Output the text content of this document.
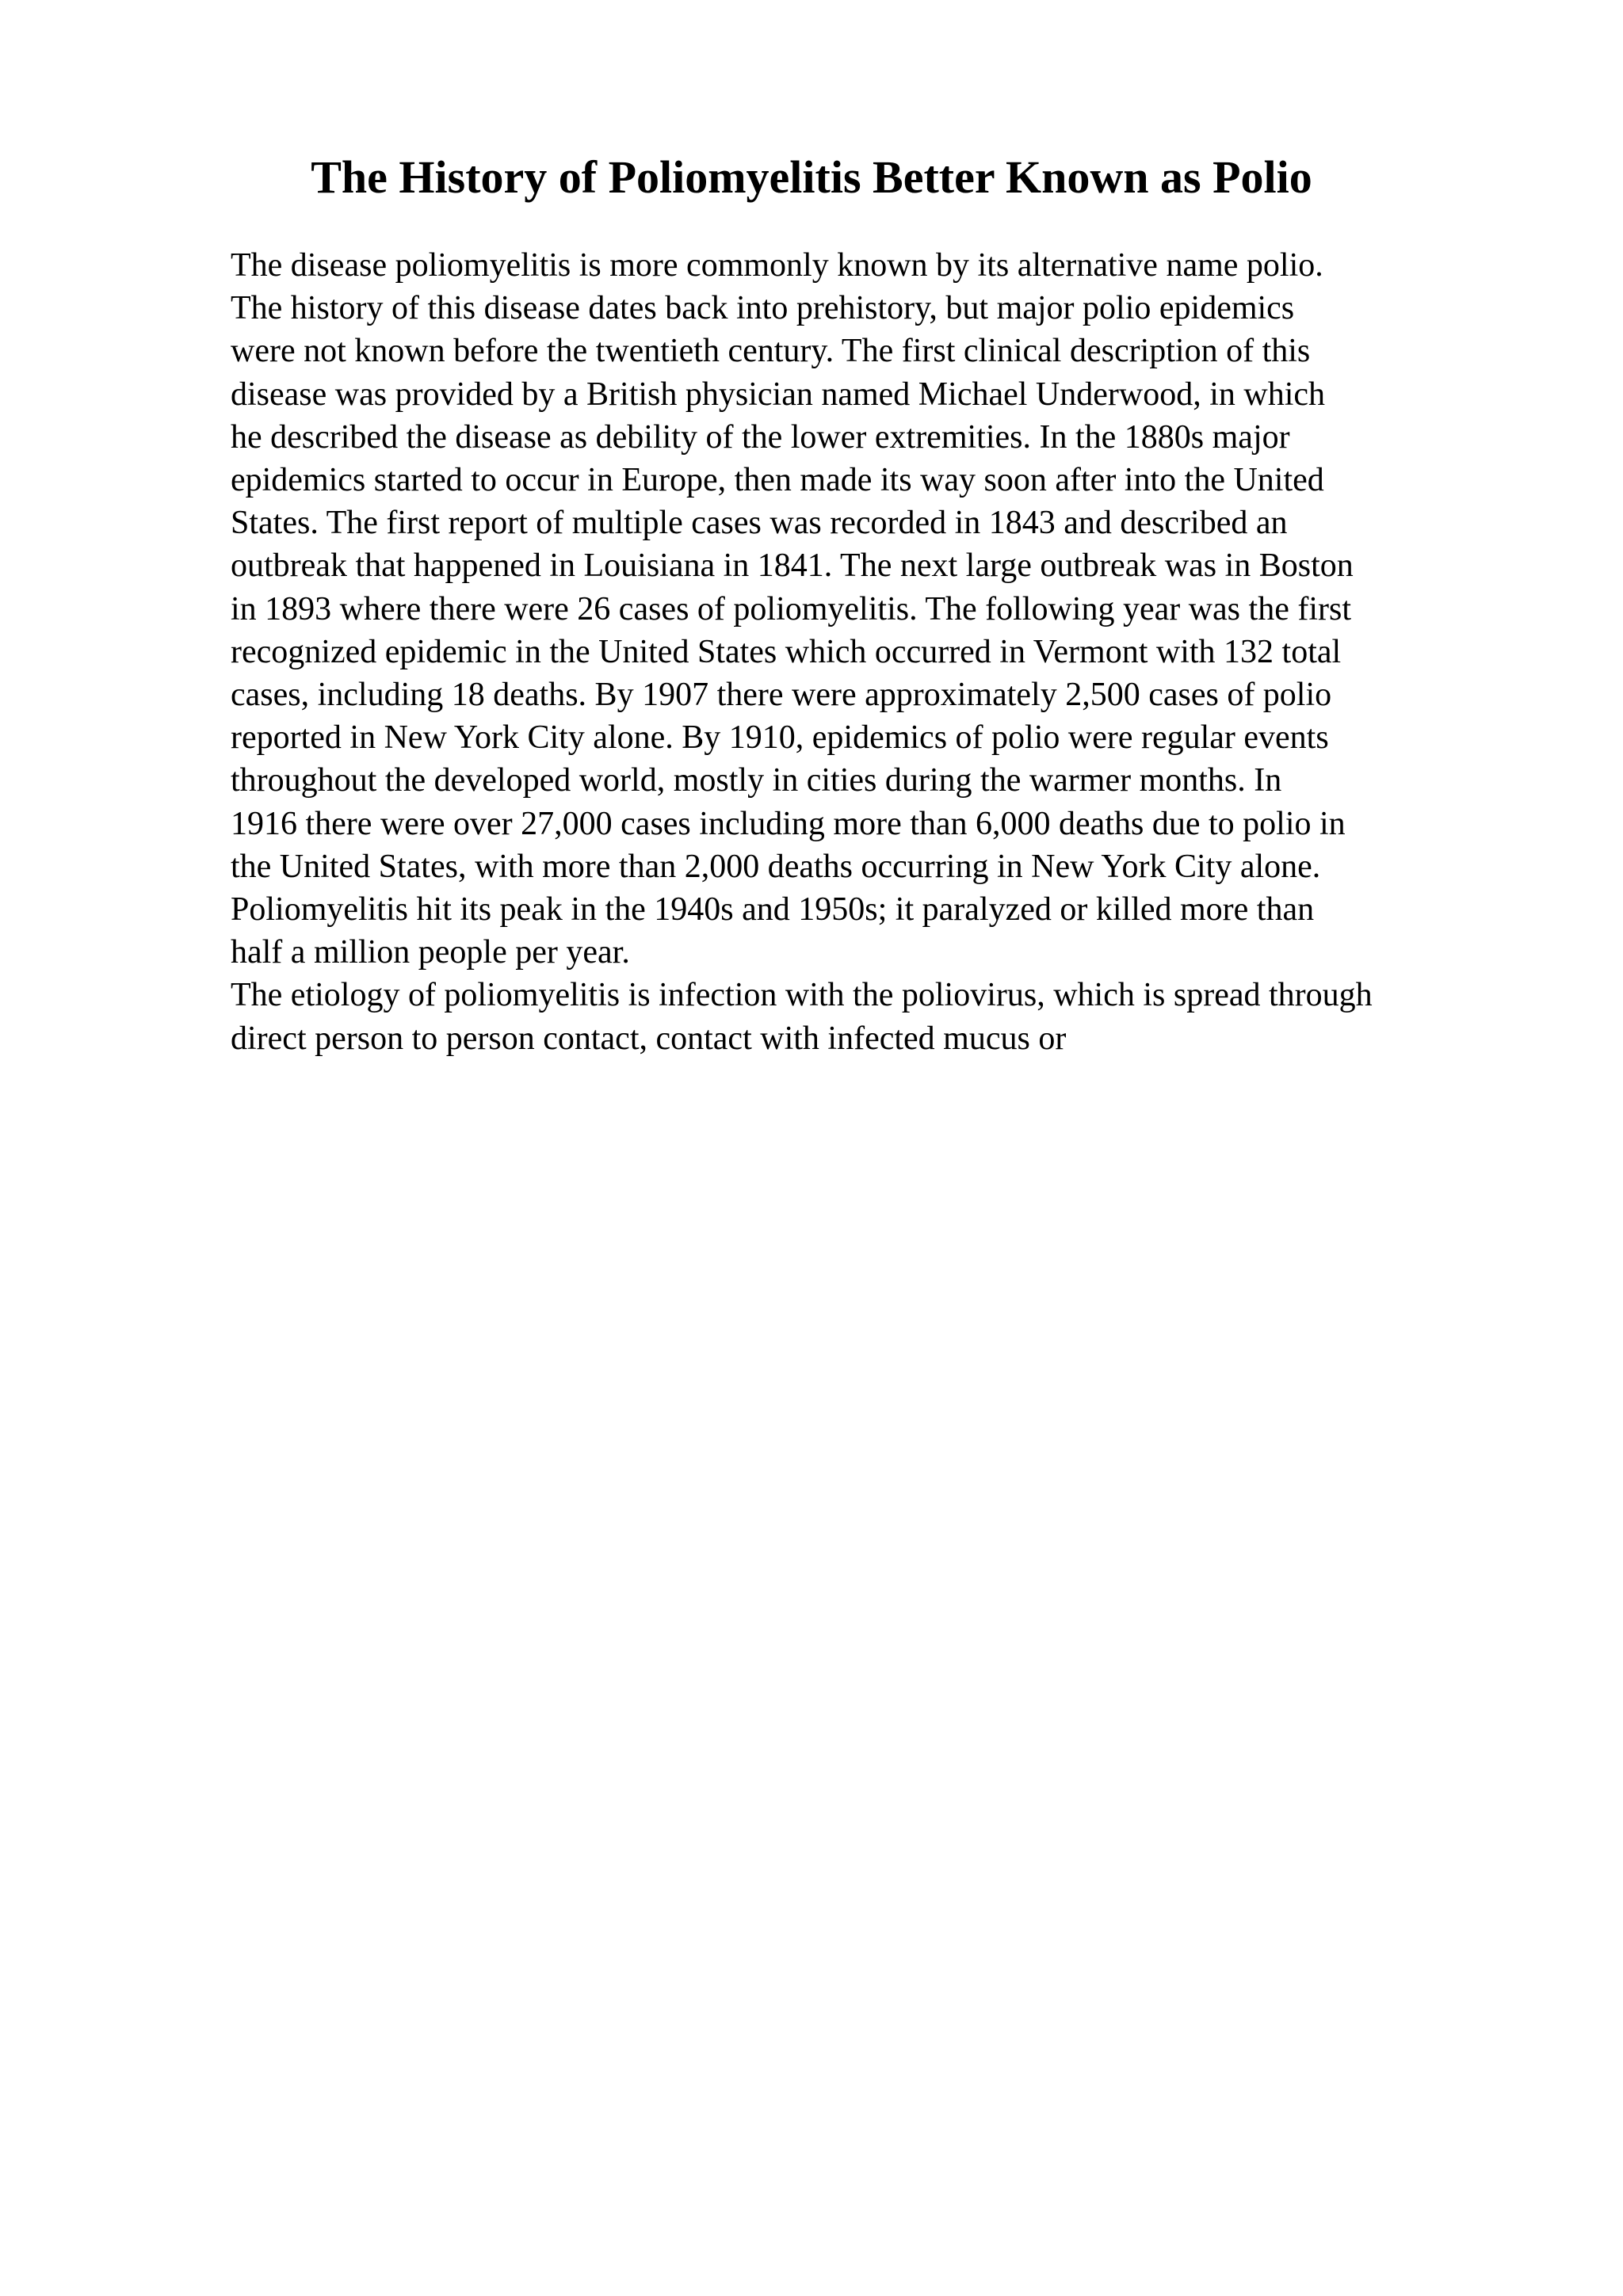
The History of Poliomyelitis Better Known as Polio

The disease poliomyelitis is more commonly known by its alternative name polio.
The history of this disease dates back into prehistory, but major polio epidemics
were not known before the twentieth century. The first clinical description of this
disease was provided by a British physician named Michael Underwood, in which
he described the disease as debility of the lower extremities. In the 1880s major
epidemics started to occur in Europe, then made its way soon after into the United
States. The first report of multiple cases was recorded in 1843 and described an
outbreak that happened in Louisiana in 1841. The next large outbreak was in Boston
in 1893 where there were 26 cases of poliomyelitis. The following year was the first
recognized epidemic in the United States which occurred in Vermont with 132 total
cases, including 18 deaths. By 1907 there were approximately 2,500 cases of polio
reported in New York City alone. By 1910, epidemics of polio were regular events
throughout the developed world, mostly in cities during the warmer months. In
1916 there were over 27,000 cases including more than 6,000 deaths due to polio in
the United States, with more than 2,000 deaths occurring in New York City alone.
Poliomyelitis hit its peak in the 1940s and 1950s; it paralyzed or killed more than
half a million people per year.

The etiology of poliomyelitis is infection with the poliovirus, which is spread through
direct person to person contact, contact with infected mucus or
